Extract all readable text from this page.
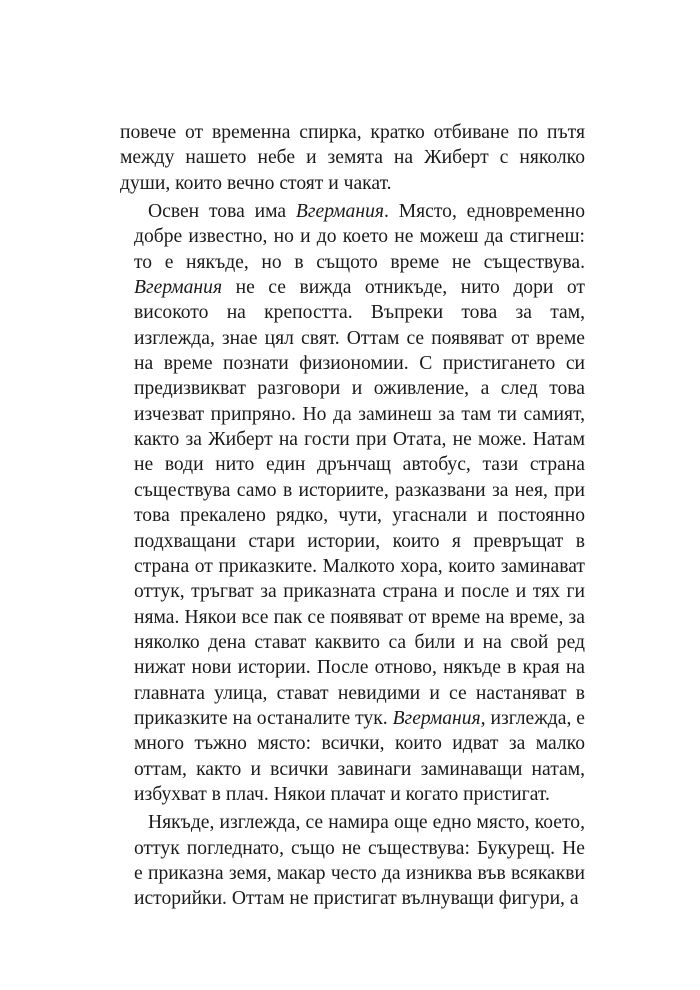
повече от временна спирка, кратко отбиване по пътя
между нашето небе и земята на Жиберт с няколко
души, които вечно стоят и чакат.
Освен това има Вгермания. Място, едновременно
добре известно, но и до което не можеш да стигнеш:
то е някъде, но в същото време не съществува.
Вгермания не се вижда отникъде, нито дори от
високото на крепостта. Въпреки това за там,
изглежда, знае цял свят. Оттам се появяват от време
на време познати физиономии. С пристигането си
предизвикват разговори и оживление, а след това
изчезват припряно. Но да заминеш за там ти самият,
както за Жиберт на гости при Отата, не може. Натам
не води нито един дрънчащ автобус, тази страна
съществува само в историите, разказвани за нея, при
това прекалено рядко, чути, угаснали и постоянно
подхващани стари истории, които я превръщат в
страна от приказките. Малкото хора, които заминават
оттук, тръгват за приказната страна и после и тях ги
няма. Някои все пак се появяват от време на време, за
няколко дена стават каквито са били и на свой ред
нижат нови истории. После отново, някъде в края на
главната улица, стават невидими и се настаняват в
приказките на останалите тук. Вгермания, изглежда, е
много тъжно място: всички, които идват за малко
оттам, както и всички завинаги заминаващи натам,
избухват в плач. Някои плачат и когато пристигат.
Някъде, изглежда, се намира още едно място, което,
оттук погледнато, също не съществува: Букурещ. Не
е приказна земя, макар често да изниква във всякакви
историйки. Оттам не пристигат вълнуващи фигури, а
